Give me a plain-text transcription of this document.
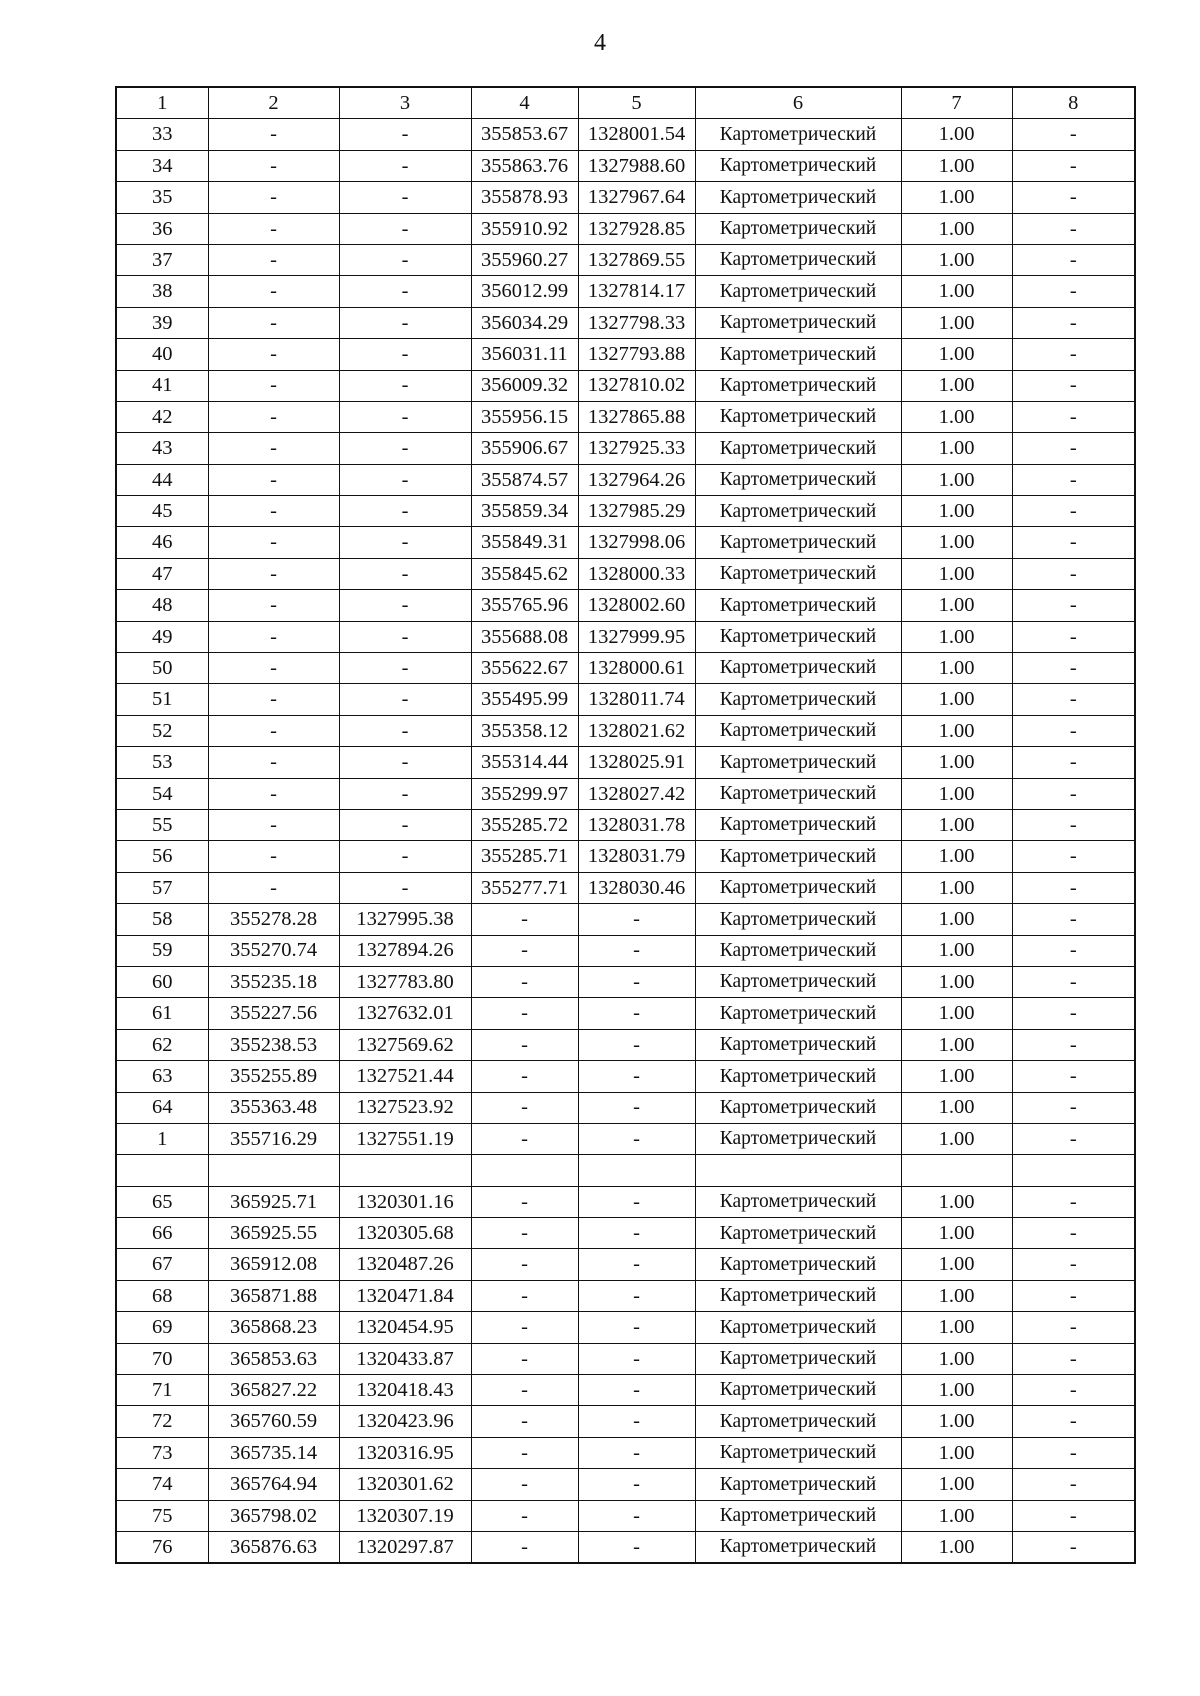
4
1	2	3	4	5	6	7	8
33	-	-	355853.67	1328001.54	Картометрический	1.00	-
34	-	-	355863.76	1327988.60	Картометрический	1.00	-
35	-	-	355878.93	1327967.64	Картометрический	1.00	-
36	-	-	355910.92	1327928.85	Картометрический	1.00	-
37	-	-	355960.27	1327869.55	Картометрический	1.00	-
38	-	-	356012.99	1327814.17	Картометрический	1.00	-
39	-	-	356034.29	1327798.33	Картометрический	1.00	-
40	-	-	356031.11	1327793.88	Картометрический	1.00	-
41	-	-	356009.32	1327810.02	Картометрический	1.00	-
42	-	-	355956.15	1327865.88	Картометрический	1.00	-
43	-	-	355906.67	1327925.33	Картометрический	1.00	-
44	-	-	355874.57	1327964.26	Картометрический	1.00	-
45	-	-	355859.34	1327985.29	Картометрический	1.00	-
46	-	-	355849.31	1327998.06	Картометрический	1.00	-
47	-	-	355845.62	1328000.33	Картометрический	1.00	-
48	-	-	355765.96	1328002.60	Картометрический	1.00	-
49	-	-	355688.08	1327999.95	Картометрический	1.00	-
50	-	-	355622.67	1328000.61	Картометрический	1.00	-
51	-	-	355495.99	1328011.74	Картометрический	1.00	-
52	-	-	355358.12	1328021.62	Картометрический	1.00	-
53	-	-	355314.44	1328025.91	Картометрический	1.00	-
54	-	-	355299.97	1328027.42	Картометрический	1.00	-
55	-	-	355285.72	1328031.78	Картометрический	1.00	-
56	-	-	355285.71	1328031.79	Картометрический	1.00	-
57	-	-	355277.71	1328030.46	Картометрический	1.00	-
58	355278.28	1327995.38	-	-	Картометрический	1.00	-
59	355270.74	1327894.26	-	-	Картометрический	1.00	-
60	355235.18	1327783.80	-	-	Картометрический	1.00	-
61	355227.56	1327632.01	-	-	Картометрический	1.00	-
62	355238.53	1327569.62	-	-	Картометрический	1.00	-
63	355255.89	1327521.44	-	-	Картометрический	1.00	-
64	355363.48	1327523.92	-	-	Картометрический	1.00	-
1	355716.29	1327551.19	-	-	Картометрический	1.00	-

65	365925.71	1320301.16	-	-	Картометрический	1.00	-
66	365925.55	1320305.68	-	-	Картометрический	1.00	-
67	365912.08	1320487.26	-	-	Картометрический	1.00	-
68	365871.88	1320471.84	-	-	Картометрический	1.00	-
69	365868.23	1320454.95	-	-	Картометрический	1.00	-
70	365853.63	1320433.87	-	-	Картометрический	1.00	-
71	365827.22	1320418.43	-	-	Картометрический	1.00	-
72	365760.59	1320423.96	-	-	Картометрический	1.00	-
73	365735.14	1320316.95	-	-	Картометрический	1.00	-
74	365764.94	1320301.62	-	-	Картометрический	1.00	-
75	365798.02	1320307.19	-	-	Картометрический	1.00	-
76	365876.63	1320297.87	-	-	Картометрический	1.00	-
